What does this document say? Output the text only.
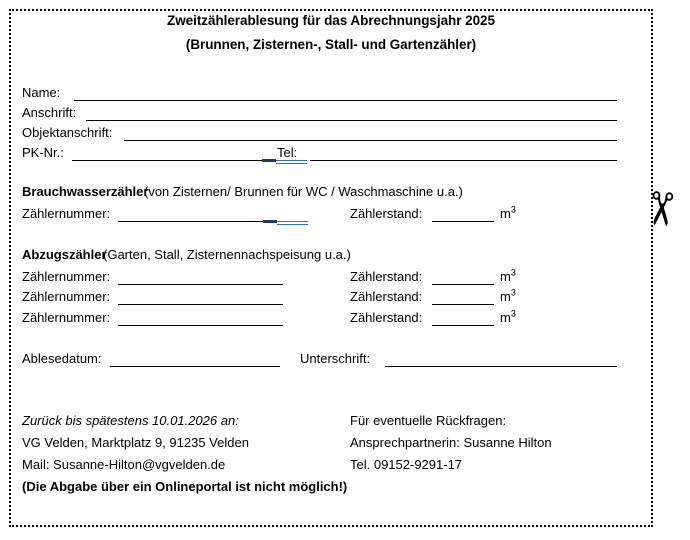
✂
Zweitzählerablesung für das Abrechnungsjahr 2025
(Brunnen, Zisternen-, Stall- und Gartenzähler)
Name:
Anschrift:
Objektanschrift:
PK-Nr.:	Tel:
Brauchwasserzähler
(von Zisternen/ Brunnen für WC / Waschmaschine u.a.)
Zählernummer:	Zählerstand:	$m^3$
Abzugszähler
(Garten, Stall, Zisternennachspeisung u.a.)
Zählernummer:	Zählerstand:	$m^3$
Zählernummer:	Zählerstand:	$m^3$
Zählernummer:	Zählerstand:	$m^3$
Ablesedatum:	Unterschrift:
Zurück bis spätestens 10.01.2026 an:
VG Velden, Marktplatz 9, 91235 Velden
Mail: Susanne-Hilton@vgvelden.de
(Die Abgabe über ein Onlineportal ist nicht möglich!)
Für eventuelle Rückfragen:
Ansprechpartnerin: Susanne Hilton
Tel. 09152-9291-17
